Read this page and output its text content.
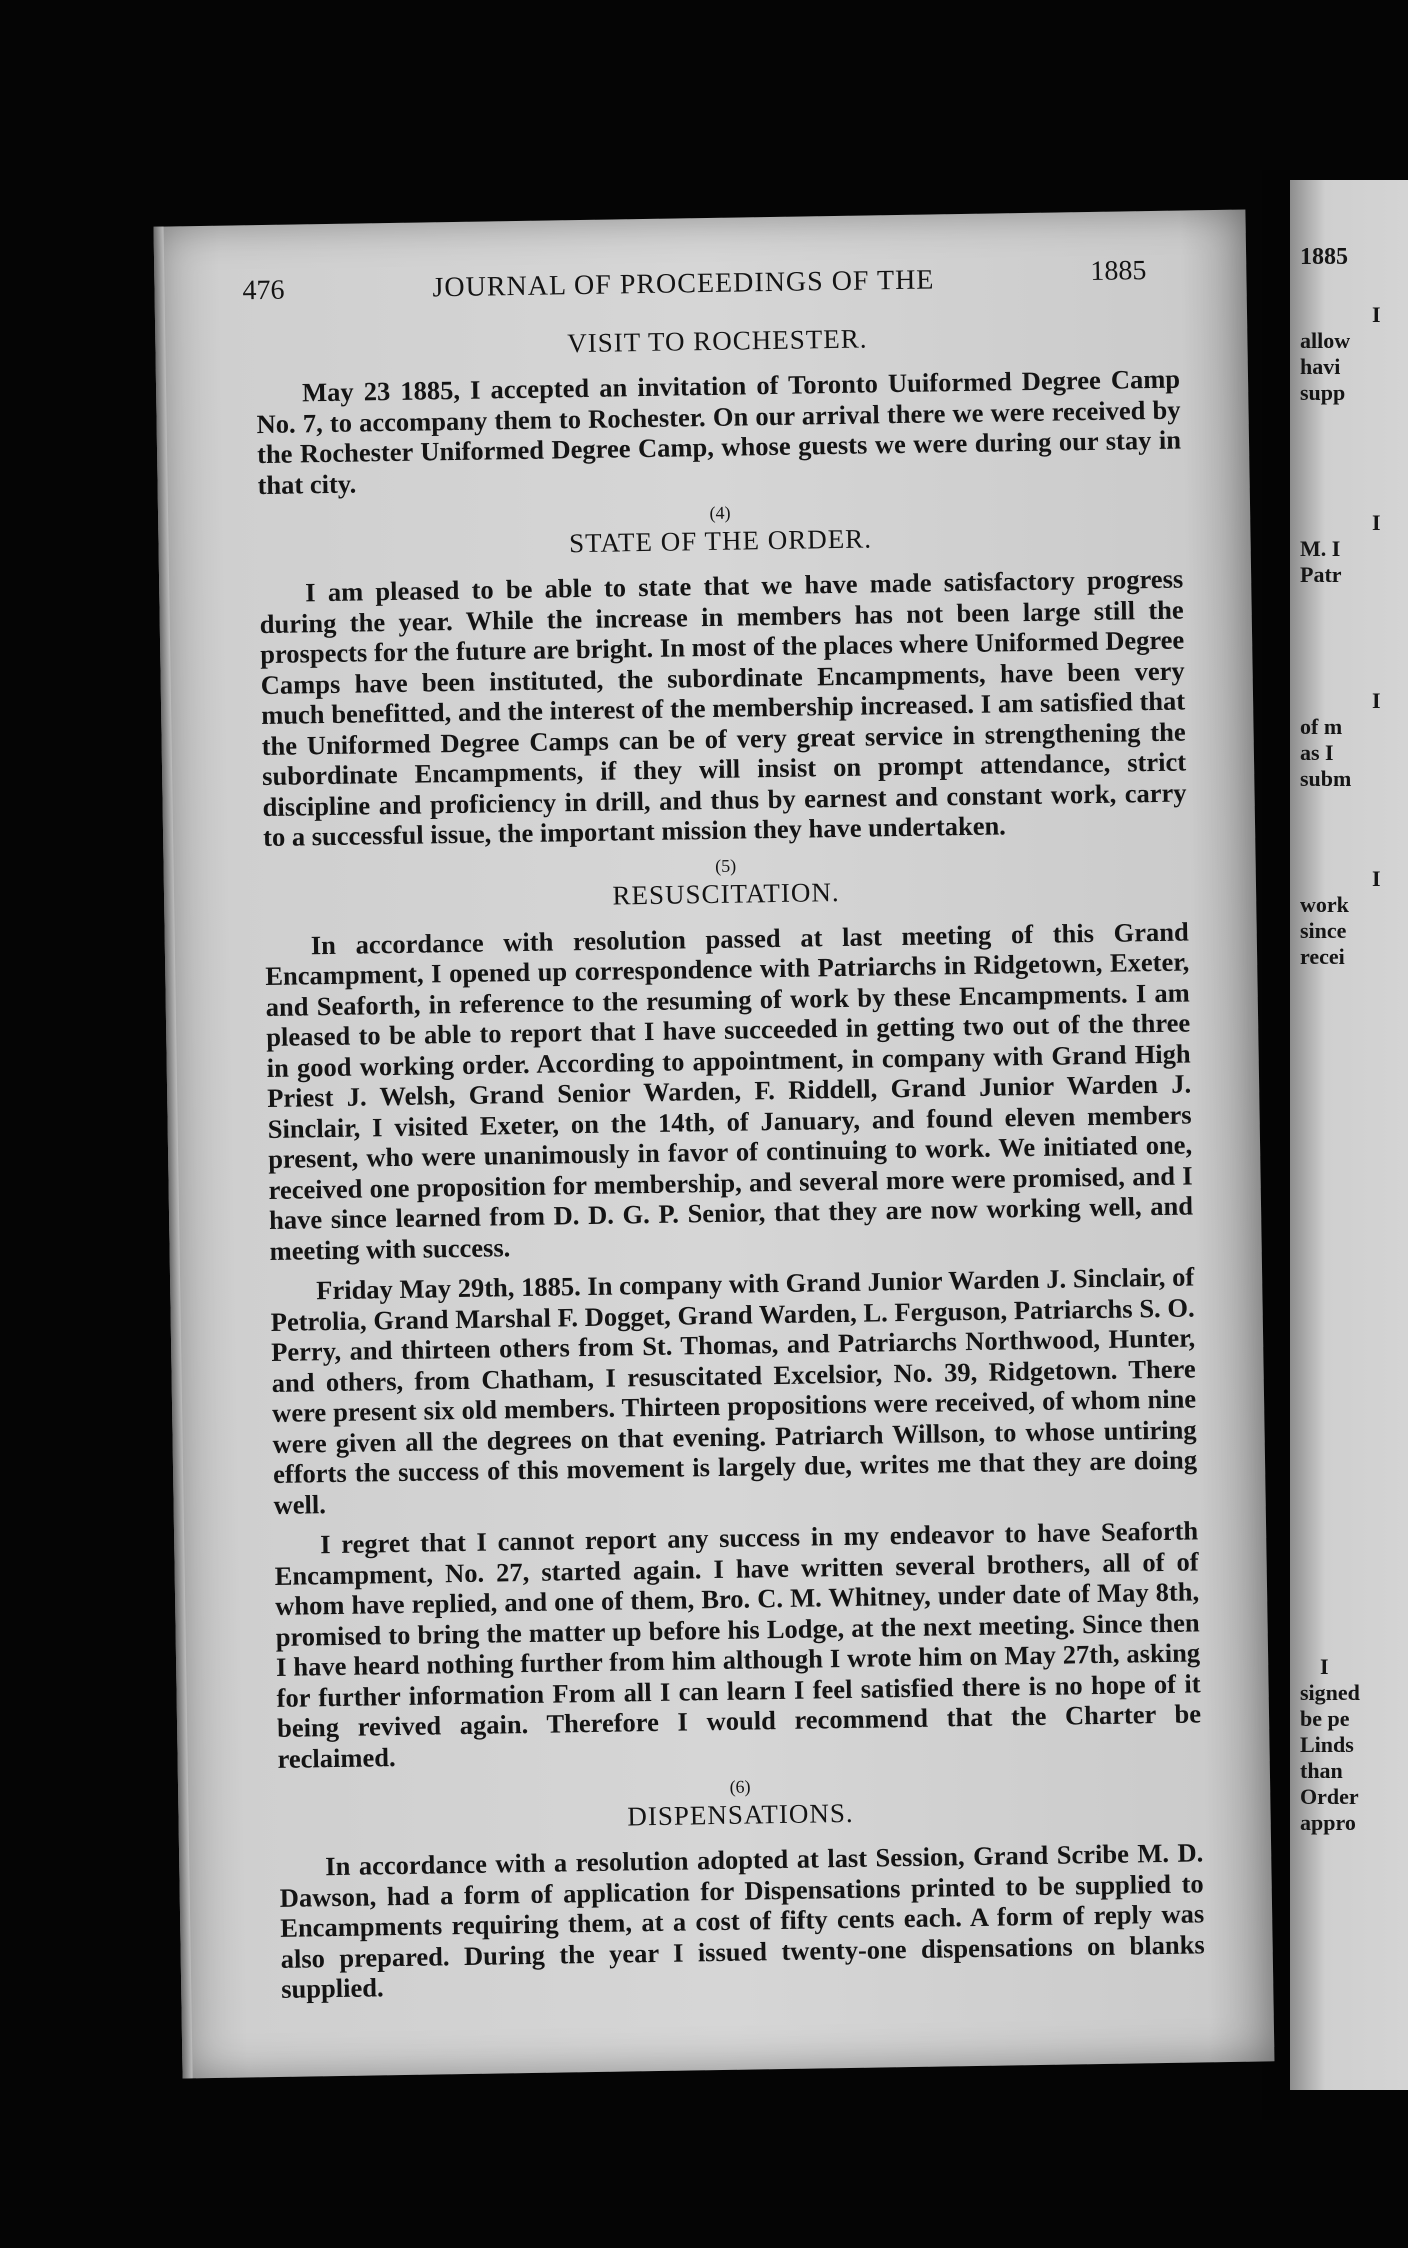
476	JOURNAL OF PROCEEDINGS OF THE	1885
VISIT TO ROCHESTER.

May 23 1885, I accepted an invitation of Toronto Uuiformed Degree Camp No. 7, to accompany them to Rochester. On our arrival there we were received by the Rochester Uniformed Degree Camp, whose guests we were during our stay in that city.

(4)
STATE OF THE ORDER.

I am pleased to be able to state that we have made satisfactory progress during the year. While the increase in members has not been large still the prospects for the future are bright. In most of the places where Uniformed Degree Camps have been instituted, the subordinate Encampments, have been very much benefitted, and the interest of the membership increased. I am satisfied that the Uniformed Degree Camps can be of very great service in strengthening the subordinate Encampments, if they will insist on prompt attendance, strict discipline and proficiency in drill, and thus by earnest and constant work, carry to a successful issue, the important mission they have undertaken.

(5)
RESUSCITATION.

In accordance with resolution passed at last meeting of this Grand Encampment, I opened up correspondence with Patriarchs in Ridgetown, Exeter, and Seaforth, in reference to the resuming of work by these Encampments. I am pleased to be able to report that I have succeeded in getting two out of the three in good working order. According to appointment, in company with Grand High Priest J. Welsh, Grand Senior Warden, F. Riddell, Grand Junior Warden J. Sinclair, I visited Exeter, on the 14th, of January, and found eleven members present, who were unanimously in favor of continuing to work. We initiated one, received one proposition for membership, and several more were promised, and I have since learned from D. D. G. P. Senior, that they are now working well, and meeting with success.

Friday May 29th, 1885. In company with Grand Junior Warden J. Sinclair, of Petrolia, Grand Marshal F. Dogget, Grand Warden, L. Ferguson, Patriarchs S. O. Perry, and thirteen others from St. Thomas, and Patriarchs Northwood, Hunter, and others, from Chatham, I resuscitated Excelsior, No. 39, Ridgetown. There were present six old members. Thirteen propositions were received, of whom nine were given all the degrees on that evening. Patriarch Willson, to whose untiring efforts the success of this movement is largely due, writes me that they are doing well.

I regret that I cannot report any success in my endeavor to have Seaforth Encampment, No. 27, started again. I have written several brothers, all of of whom have replied, and one of them, Bro. C. M. Whitney, under date of May 8th, promised to bring the matter up before his Lodge, at the next meeting. Since then I have heard nothing further from him although I wrote him on May 27th, asking for further information From all I can learn I feel satisfied there is no hope of it being revived again. Therefore I would recommend that the Charter be reclaimed.

(6)
DISPENSATIONS.

In accordance with a resolution adopted at last Session, Grand Scribe M. D. Dawson, had a form of application for Dispensations printed to be supplied to Encampments requiring them, at a cost of fifty cents each. A form of reply was also prepared. During the year I issued twenty-one dispensations on blanks supplied.

1885
I
allow
havi
supp
I
M. I
Patr
I
of m
as I
subm
I
work
since
recei
I
signed
be pe
Linds
than
Order
appro
